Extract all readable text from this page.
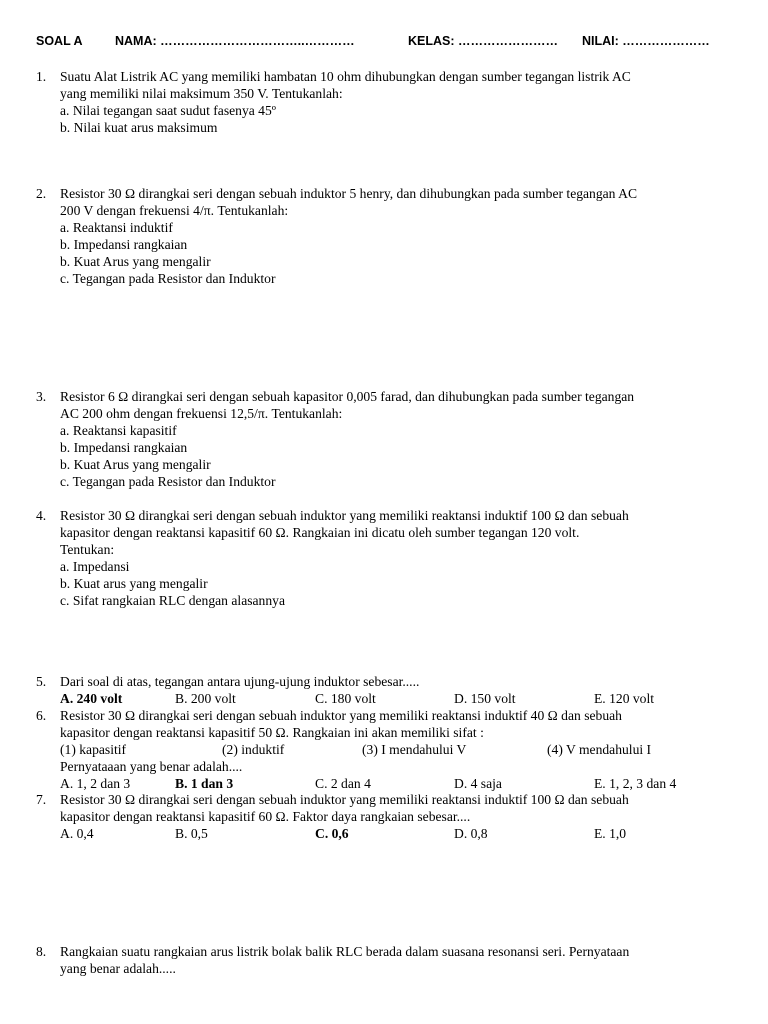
SOAL A	NAMA: ……………………………..…………	KELAS: …………………… NILAI: …………………
1.	Suatu Alat Listrik AC yang memiliki hambatan 10 ohm dihubungkan dengan sumber tegangan listrik AC

yang memiliki nilai maksimum 350 V. Tentukanlah:

a. Nilai tegangan saat sudut fasenya 45º

b. Nilai kuat arus maksimum

2.	Resistor 30 Ω dirangkai seri dengan sebuah induktor 5 henry, dan dihubungkan pada sumber tegangan AC

200 V dengan frekuensi 4/π. Tentukanlah:

a. Reaktansi induktif

b. Impedansi rangkaian

b. Kuat Arus yang mengalir

c. Tegangan pada Resistor dan Induktor

3.	Resistor 6 Ω dirangkai seri dengan sebuah kapasitor 0,005 farad, dan dihubungkan pada sumber tegangan

AC 200 ohm dengan frekuensi 12,5/π. Tentukanlah:

a. Reaktansi kapasitif

b. Impedansi rangkaian

b. Kuat Arus yang mengalir

c. Tegangan pada Resistor dan Induktor

4.	Resistor 30 Ω dirangkai seri dengan sebuah induktor yang memiliki reaktansi induktif 100 Ω dan sebuah

kapasitor dengan reaktansi kapasitif 60 Ω. Rangkaian ini dicatu oleh sumber tegangan 120 volt.

Tentukan:

a. Impedansi

b. Kuat arus yang mengalir

c. Sifat rangkaian RLC dengan alasannya

5.	Dari soal di atas, tegangan antara ujung-ujung induktor sebesar.....

A. 240 volt	B. 200 volt	C. 180 volt	D. 150 volt	E. 120 volt
6.	Resistor 30 Ω dirangkai seri dengan sebuah induktor yang memiliki reaktansi induktif 40 Ω dan sebuah

kapasitor dengan reaktansi kapasitif 50 Ω. Rangkaian ini akan memiliki sifat :

(1) kapasitif	(2) induktif	(3) I mendahului V	(4) V mendahului I

Pernyataaan yang benar adalah....

A. 1, 2 dan 3	B. 1 dan 3	C. 2 dan 4	D. 4 saja	E. 1, 2, 3 dan 4
7.	Resistor 30 Ω dirangkai seri dengan sebuah induktor yang memiliki reaktansi induktif 100 Ω dan sebuah

kapasitor dengan reaktansi kapasitif 60 Ω. Faktor daya rangkaian sebesar....

A. 0,4	B. 0,5	C. 0,6	D. 0,8	E. 1,0
8.	Rangkaian suatu rangkaian arus listrik bolak balik RLC berada dalam suasana resonansi seri. Pernyataan

yang benar adalah.....
